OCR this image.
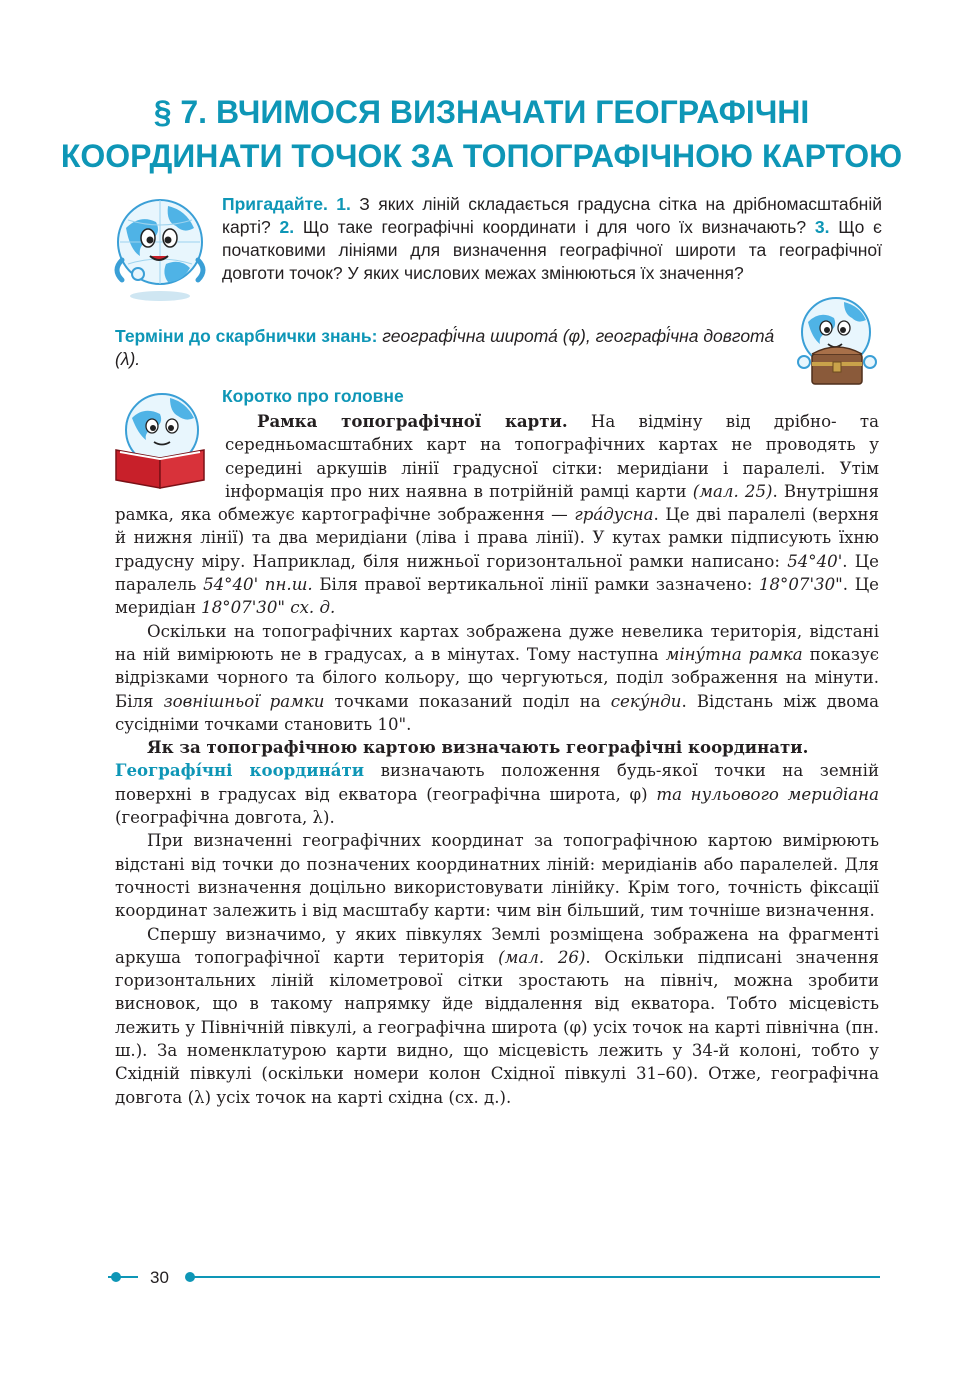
§ 7. ВЧИМОСЯ ВИЗНАЧАТИ ГЕОГРАФІЧНІ
КООРДИНАТИ ТОЧОК ЗА ТОПОГРАФІЧНОЮ КАРТОЮ
Пригадайте. 1. З яких ліній складається градусна сітка на дрібномасштабній карті? 2. Що таке географічні координати і для чого їх визначають? 3. Що є початковими лініями для визначення географічної широти та географічної довготи точок? У яких числових межах змінюються їх значення?
Терміни до скарбнички знань: географі́чна широта́ (φ), географі́чна довгота́ (λ).
Коротко про головне

Рамка топографічної карти. На відміну від дрібно- та середньомасштабних карт на топографічних картах не проводять у середині аркушів лінії градусної сітки: меридіани і паралелі. Утім інформація про них наявна в потрійній рамці карти (мал. 25). Внутрішня рамка, яка обмежує картографічне зображення — гра́дусна. Це дві паралелі (верхня й нижня лінії) та два меридіани (ліва і права лінії). У кутах рамки підписують їхню градусну міру. Наприклад, біля нижньої горизонтальної рамки написано: 54°40'. Це паралель 54°40' пн.ш. Біля правої вертикальної лінії рамки зазначено: 18°07'30". Це меридіан 18°07'30" сх. д.

Оскільки на топографічних картах зображена дуже невелика територія, відстані на ній вимірюють не в градусах, а в мінутах. Тому наступна міну́тна рамка показує відрізками чорного та білого кольору, що чергуються, поділ зображення на мінути. Біля зовнішньої рамки точками показаний поділ на секу́нди. Відстань між двома сусідніми точками становить 10".

Як за топографічною картою визначають географічні координати.

Географі́чні координа́ти визначають положення будь-якої точки на земній поверхні в градусах від екватора (географічна широта, φ) та нульового меридіана (географічна довгота, λ).

При визначенні географічних координат за топографічною картою вимірюють відстані від точки до позначених координатних ліній: меридіанів або паралелей. Для точності визначення доцільно використовувати лінійку. Крім того, точність фіксації координат залежить і від масштабу карти: чим він більший, тим точніше визначення.

Спершу визначимо, у яких півкулях Землі розміщена зображена на фрагменті аркуша топографічної карти територія (мал. 26). Оскільки підписані значення горизонтальних ліній кілометрової сітки зростають на північ, можна зробити висновок, що в такому напрямку йде віддалення від екватора. Тобто місцевість лежить у Північній півкулі, а географічна широта (φ) усіх точок на карті північна (пн. ш.). За номенклатурою карти видно, що місцевість лежить у 34-й колоні, тобто у Східній півкулі (оскільки номери колон Східної півкулі 31–60). Отже, географічна довгота (λ) усіх точок на карті східна (сх. д.).

30
